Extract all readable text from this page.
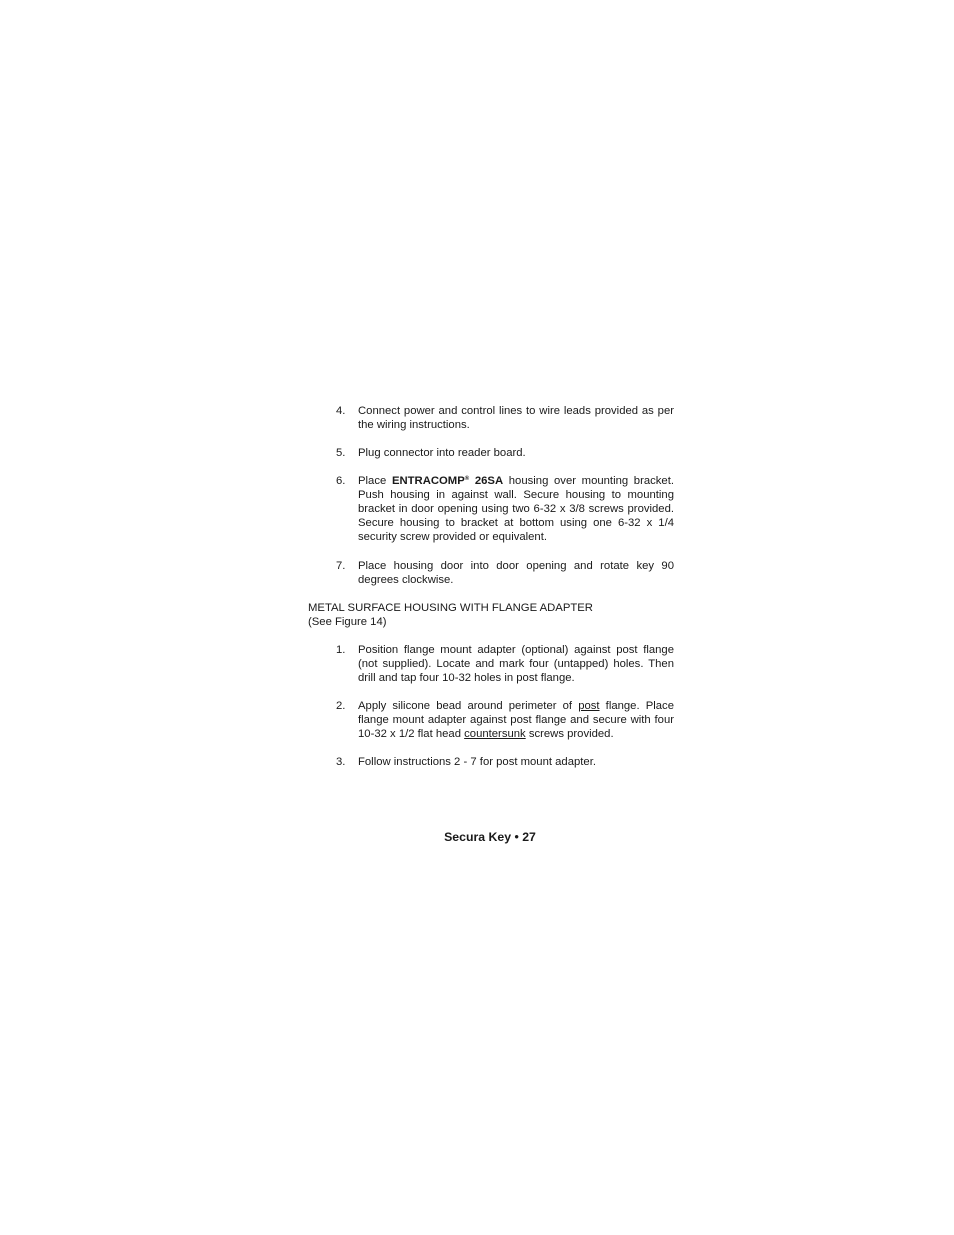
4. Connect power and control lines to wire leads provided as per the wiring instructions.
5. Plug connector into reader board.
6. Place ENTRACOMP® 26SA housing over mounting bracket. Push housing in against wall. Secure housing to mounting bracket in door opening using two 6-32 x 3/8 screws provided. Secure housing to bracket at bottom using one 6-32 x 1/4 security screw provided or equivalent.
7. Place housing door into door opening and rotate key 90 degrees clockwise.
METAL SURFACE HOUSING WITH FLANGE ADAPTER
(See Figure 14)
1. Position flange mount adapter (optional) against post flange (not supplied). Locate and mark four (untapped) holes. Then drill and tap four 10-32 holes in post flange.
2. Apply silicone bead around perimeter of post flange. Place flange mount adapter against post flange and secure with four 10-32 x 1/2 flat head countersunk screws provided.
3. Follow instructions 2 - 7 for post mount adapter.
Secura Key • 27
